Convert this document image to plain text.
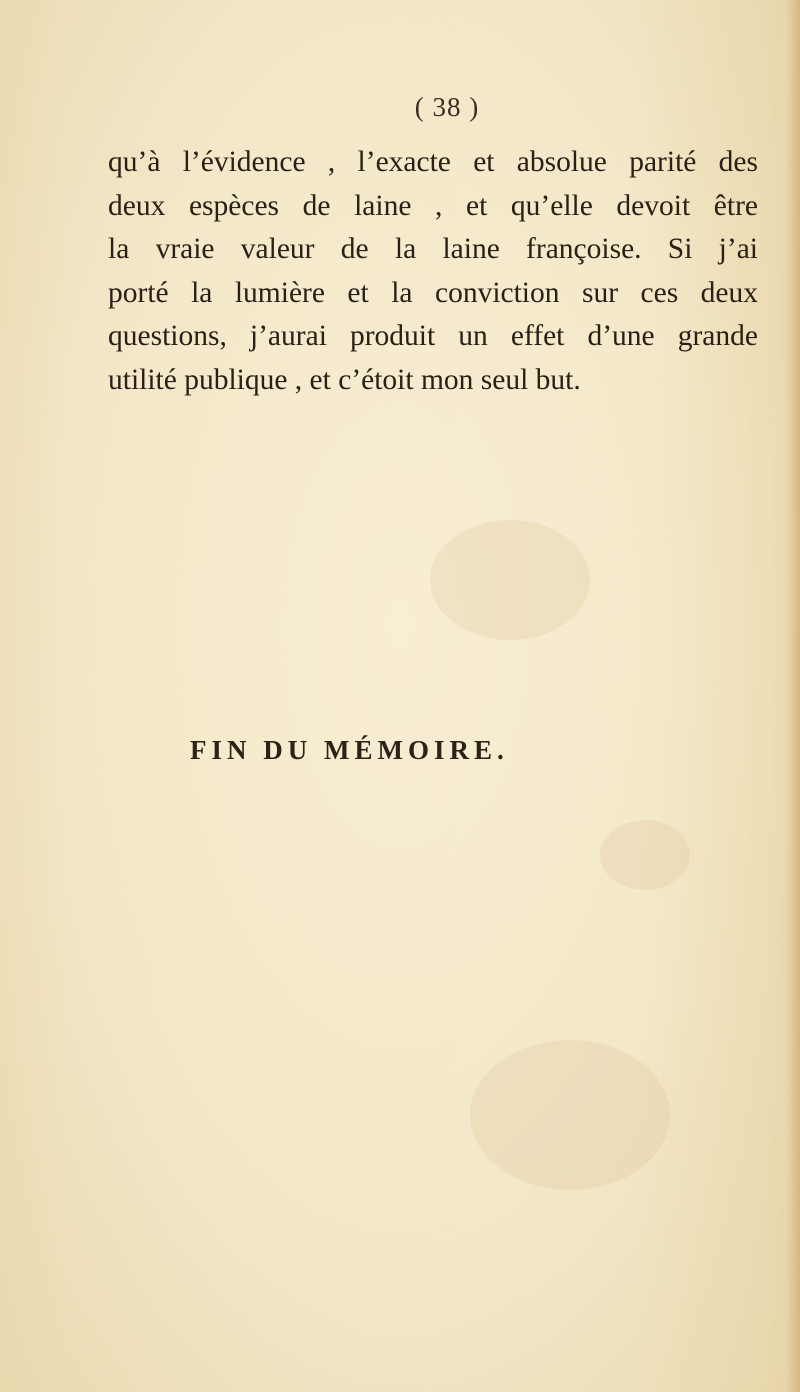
( 38 )
qu’à l’évidence , l’exacte et absolue parité des
deux espèces de laine , et qu’elle devoit être
la vraie valeur de la laine françoise. Si j’ai
porté la lumière et la conviction sur ces deux
questions, j’aurai produit un effet d’une grande
utilité publique , et c’étoit mon seul but.
FIN DU MÉMOIRE.
